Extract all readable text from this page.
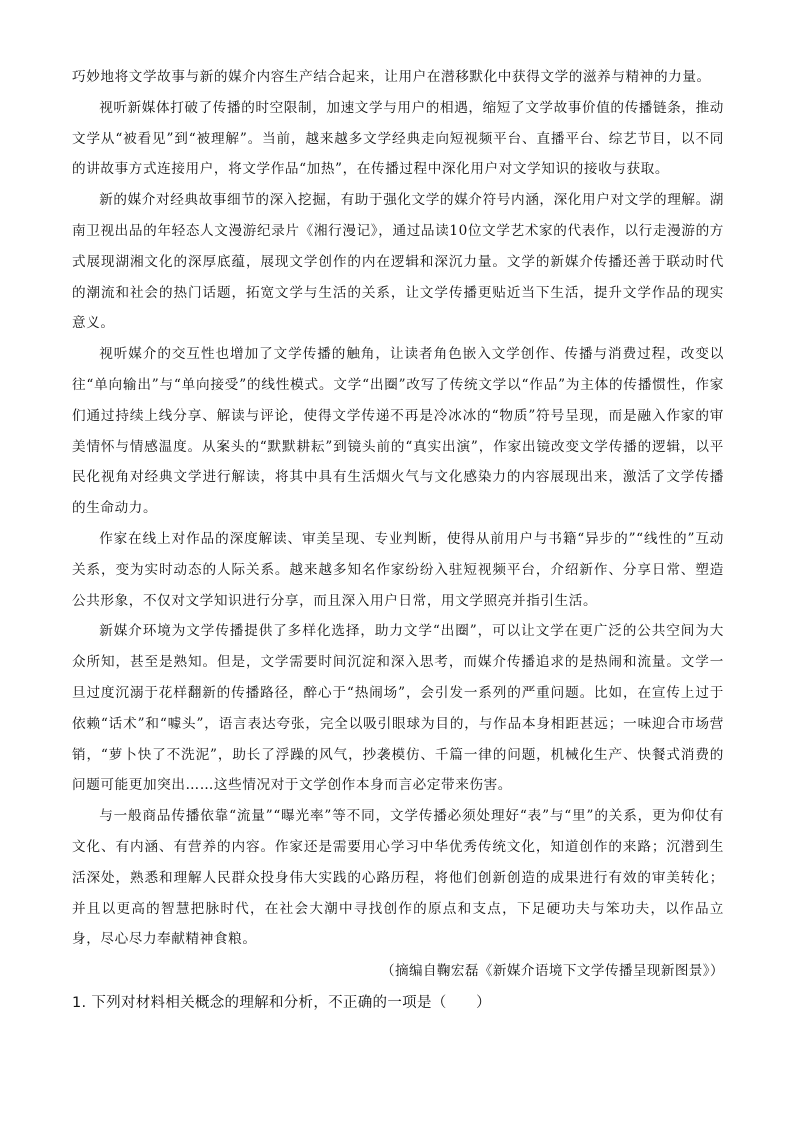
巧妙地将文学故事与新的媒介内容生产结合起来，让用户在潜移默化中获得文学的滋养与精神的力量。

视听新媒体打破了传播的时空限制，加速文学与用户的相遇，缩短了文学故事价值的传播链条，推动文学从“被看见”到“被理解”。当前，越来越多文学经典走向短视频平台、直播平台、综艺节目，以不同的讲故事方式连接用户，将文学作品“加热”，在传播过程中深化用户对文学知识的接收与获取。

新的媒介对经典故事细节的深入挖掘，有助于强化文学的媒介符号内涵，深化用户对文学的理解。湖南卫视出品的年轻态人文漫游纪录片《湘行漫记》，通过品读10位文学艺术家的代表作，以行走漫游的方式展现湖湘文化的深厚底蕴，展现文学创作的内在逻辑和深沉力量。文学的新媒介传播还善于联动时代的潮流和社会的热门话题，拓宽文学与生活的关系，让文学传播更贴近当下生活，提升文学作品的现实意义。

视听媒介的交互性也增加了文学传播的触角，让读者角色嵌入文学创作、传播与消费过程，改变以往“单向输出”与“单向接受”的线性模式。文学“出圈”改写了传统文学以“作品”为主体的传播惯性，作家们通过持续上线分享、解读与评论，使得文学传递不再是冷冰冰的“物质”符号呈现，而是融入作家的审美情怀与情感温度。从案头的“默默耕耘”到镜头前的“真实出演”，作家出镜改变文学传播的逻辑，以平民化视角对经典文学进行解读，将其中具有生活烟火气与文化感染力的内容展现出来，激活了文学传播的生命动力。

作家在线上对作品的深度解读、审美呈现、专业判断，使得从前用户与书籍“异步的”“线性的”互动关系，变为实时动态的人际关系。越来越多知名作家纷纷入驻短视频平台，介绍新作、分享日常、塑造公共形象，不仅对文学知识进行分享，而且深入用户日常，用文学照亮并指引生活。

新媒介环境为文学传播提供了多样化选择，助力文学“出圈”，可以让文学在更广泛的公共空间为大众所知，甚至是熟知。但是，文学需要时间沉淀和深入思考，而媒介传播追求的是热闹和流量。文学一旦过度沉溺于花样翻新的传播路径，醉心于“热闹场”，会引发一系列的严重问题。比如，在宣传上过于依赖“话术”和“噱头”，语言表达夸张，完全以吸引眼球为目的，与作品本身相距甚远；一味迎合市场营销，“萝卜快了不洗泥”，助长了浮躁的风气，抄袭模仿、千篇一律的问题，机械化生产、快餐式消费的问题可能更加突出……这些情况对于文学创作本身而言必定带来伤害。

与一般商品传播依靠“流量”“曝光率”等不同，文学传播必须处理好“表”与“里”的关系，更为仰仗有文化、有内涵、有营养的内容。作家还是需要用心学习中华优秀传统文化，知道创作的来路；沉潜到生活深处，熟悉和理解人民群众投身伟大实践的心路历程，将他们创新创造的成果进行有效的审美转化；并且以更高的智慧把脉时代，在社会大潮中寻找创作的原点和支点，下足硬功夫与笨功夫，以作品立身，尽心尽力奉献精神食粮。

（摘编自鞠宏磊《新媒介语境下文学传播呈现新图景》）

1. 下列对材料相关概念的理解和分析，不正确的一项是（　　）
